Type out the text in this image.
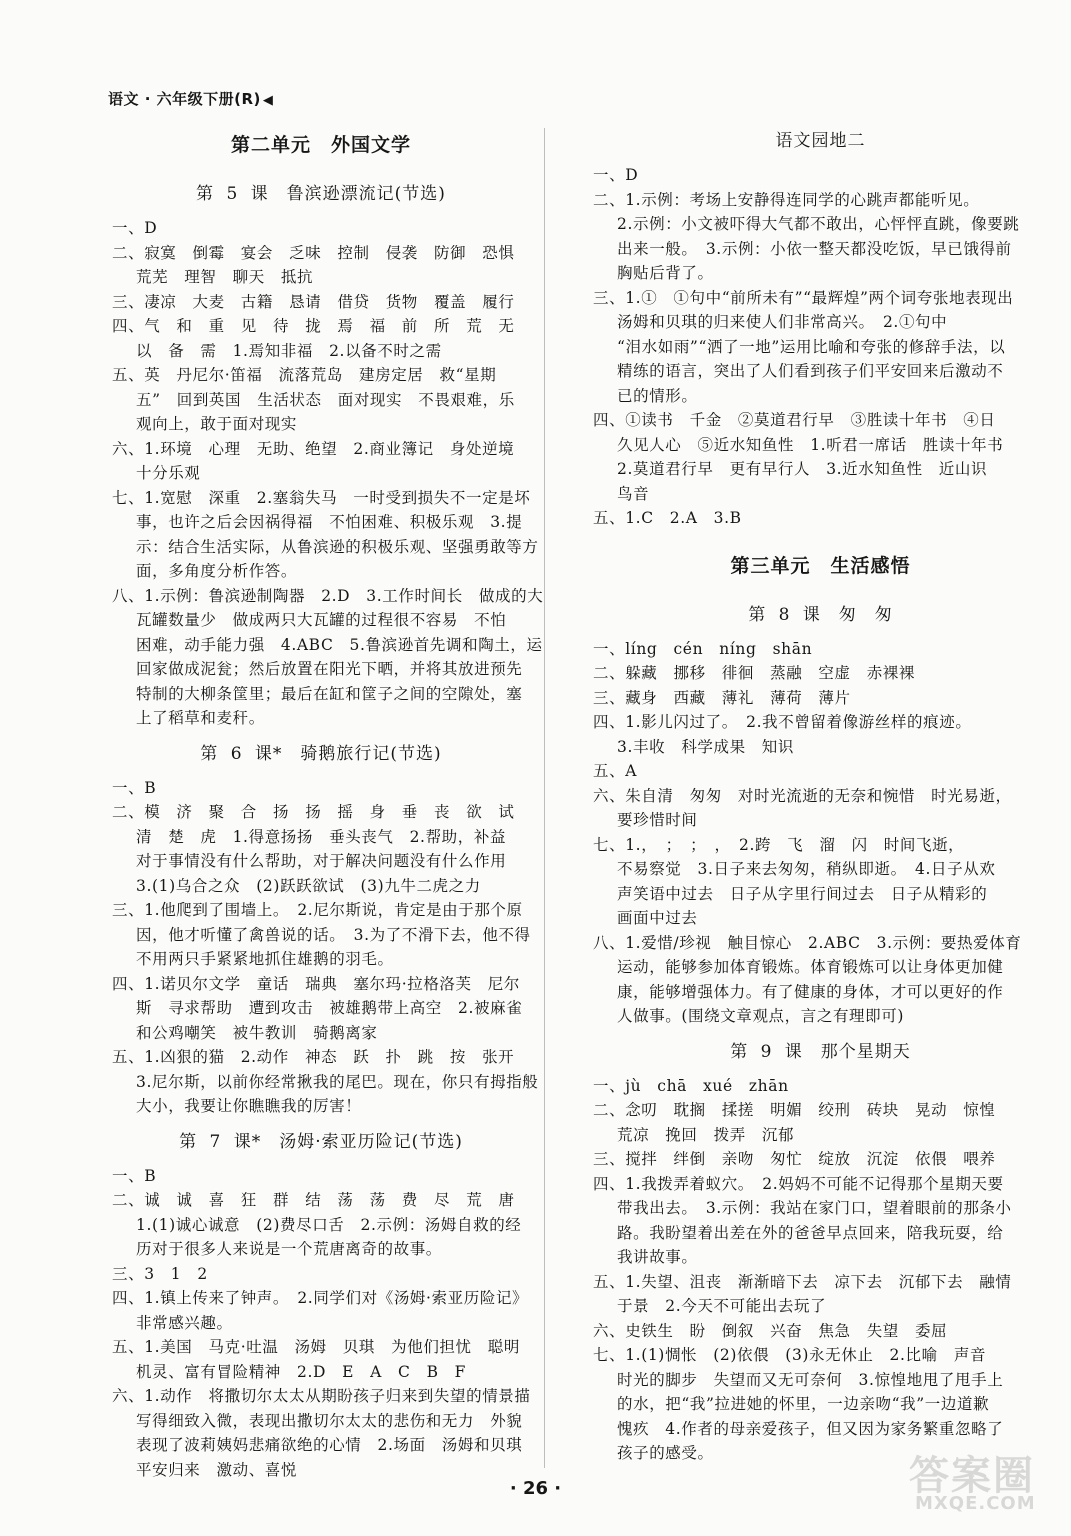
语文 · 六年级下册(R) ◀
第二单元　外国文学
第 5 课　鲁滨逊漂流记(节选)
一、D
二、寂寞　倒霉　宴会　乏味　控制　侵袭　防御　恐惧
荒芜　理智　聊天　抵抗
三、凄凉　大麦　古籍　恳请　借贷　货物　覆盖　履行
四、气　和　重　见　待　拢　焉　福　前　所　荒　无
以　备　需　1.焉知非福　2.以备不时之需
五、英　丹尼尔·笛福　流落荒岛　建房定居　救“星期
五”　回到英国　生活状态　面对现实　不畏艰难，乐
观向上，敢于面对现实
六、1.环境　心理　无助、绝望　2.商业簿记　身处逆境
十分乐观
七、1.宽慰　深重　2.塞翁失马　一时受到损失不一定是坏
事，也许之后会因祸得福　不怕困难、积极乐观　3.提
示：结合生活实际，从鲁滨逊的积极乐观、坚强勇敢等方
面，多角度分析作答。
八、1.示例：鲁滨逊制陶器　2.D　3.工作时间长　做成的大
瓦罐数量少　做成两只大瓦罐的过程很不容易　不怕
困难，动手能力强　4.ABC　5.鲁滨逊首先调和陶土，运
回家做成泥瓮；然后放置在阳光下晒，并将其放进预先
特制的大柳条筐里；最后在缸和筐子之间的空隙处，塞
上了稻草和麦秆。
第 6 课*　骑鹅旅行记(节选)
一、B
二、模　济　聚　合　扬　扬　摇　身　垂　丧　欲　试
清　楚　虎　1.得意扬扬　垂头丧气　2.帮助，补益
对于事情没有什么帮助，对于解决问题没有什么作用
3.(1)乌合之众　(2)跃跃欲试　(3)九牛二虎之力
三、1.他爬到了围墙上。　2.尼尔斯说，肯定是由于那个原
因，他才听懂了禽兽说的话。　3.为了不滑下去，他不得
不用两只手紧紧地抓住雄鹅的羽毛。
四、1.诺贝尔文学　童话　瑞典　塞尔玛·拉格洛芙　尼尔
斯　寻求帮助　遭到攻击　被雄鹅带上高空　2.被麻雀
和公鸡嘲笑　被牛教训　骑鹅离家
五、1.凶狠的猫　2.动作　神态　跃　扑　跳　按　张开
3.尼尔斯，以前你经常揪我的尾巴。现在，你只有拇指般
大小，我要让你瞧瞧我的厉害！
第 7 课*　汤姆·索亚历险记(节选)
一、B
二、诚　诚　喜　狂　群　结　荡　荡　费　尽　荒　唐
1.(1)诚心诚意　(2)费尽口舌　2.示例：汤姆自救的经
历对于很多人来说是一个荒唐离奇的故事。
三、3　1　2
四、1.镇上传来了钟声。　2.同学们对《汤姆·索亚历险记》
非常感兴趣。
五、1.美国　马克·吐温　汤姆　贝琪　为他们担忧　聪明
机灵、富有冒险精神　2.D　E　A　C　B　F
六、1.动作　将撒切尔太太从期盼孩子归来到失望的情景描
写得细致入微，表现出撒切尔太太的悲伤和无力　外貌
表现了波莉姨妈悲痛欲绝的心情　2.场面　汤姆和贝琪
平安归来　激动、喜悦
语文园地二
一、D
二、1.示例：考场上安静得连同学的心跳声都能听见。
2.示例：小文被吓得大气都不敢出，心怦怦直跳，像要跳
出来一般。　3.示例：小依一整天都没吃饭，早已饿得前
胸贴后背了。
三、1.①　①句中“前所未有”“最辉煌”两个词夸张地表现出
汤姆和贝琪的归来使人们非常高兴。　2.①句中
“泪水如雨”“洒了一地”运用比喻和夸张的修辞手法，以
精练的语言，突出了人们看到孩子们平安回来后激动不
已的情形。
四、①读书　千金　②莫道君行早　③胜读十年书　④日
久见人心　⑤近水知鱼性　1.听君一席话　胜读十年书
2.莫道君行早　更有早行人　3.近水知鱼性　近山识
鸟音
五、1.C　2.A　3.B
第三单元　生活感悟
第 8 课　匆　匆
一、líng　cén　níng　shān
二、躲藏　挪移　徘徊　蒸融　空虚　赤裸裸
三、藏身　西藏　薄礼　薄荷　薄片
四、1.影儿闪过了。　2.我不曾留着像游丝样的痕迹。
3.丰收　科学成果　知识
五、A
六、朱自清　匆匆　对时光流逝的无奈和惋惜　时光易逝，
要珍惜时间
七、1.，　；　；　，　2.跨　飞　溜　闪　时间飞逝，
不易察觉　3.日子来去匆匆，稍纵即逝。　4.日子从欢
声笑语中过去　日子从字里行间过去　日子从精彩的
画面中过去
八、1.爱惜/珍视　触目惊心　2.ABC　3.示例：要热爱体育
运动，能够参加体育锻炼。体育锻炼可以让身体更加健
康，能够增强体力。有了健康的身体，才可以更好的作
人做事。(围绕文章观点，言之有理即可)
第 9 课　那个星期天
一、jù　chā　xué　zhān
二、念叨　耽搁　揉搓　明媚　绞刑　砖块　晃动　惊惶
荒凉　挽回　拨弄　沉郁
三、搅拌　绊倒　亲吻　匆忙　绽放　沉淀　依偎　喂养
四、1.我拨弄着蚁穴。　2.妈妈不可能不记得那个星期天要
带我出去。　3.示例：我站在家门口，望着眼前的那条小
路。我盼望着出差在外的爸爸早点回来，陪我玩耍，给
我讲故事。
五、1.失望、沮丧　渐渐暗下去　凉下去　沉郁下去　融情
于景　2.今天不可能出去玩了
六、史铁生　盼　倒叙　兴奋　焦急　失望　委屈
七、1.(1)惆怅　(2)依偎　(3)永无休止　2.比喻　声音
时光的脚步　失望而又无可奈何　3.惊惶地甩了甩手上
的水，把“我”拉进她的怀里，一边亲吻“我”一边道歉
愧疚　4.作者的母亲爱孩子，但又因为家务繁重忽略了
孩子的感受。
· 26 ·	答案圈
MXQE.COM
